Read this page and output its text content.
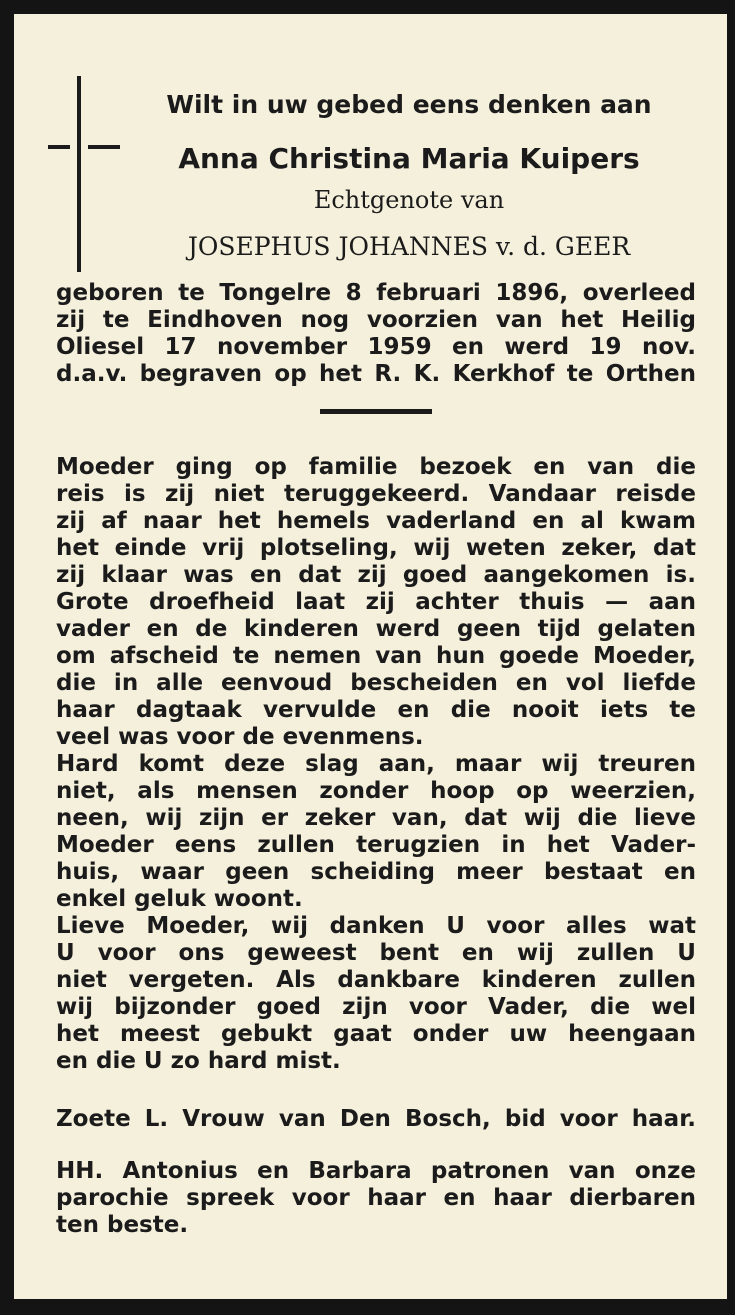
Wilt in uw gebed eens denken aan

Anna Christina Maria Kuipers

Echtgenote van

JOSEPHUS JOHANNES v. d. GEER

geboren te Tongelre 8 februari 1896, overleed
zij te Eindhoven nog voorzien van het Heilig
Oliesel 17 november 1959 en werd 19 nov.
d.a.v. begraven op het R. K. Kerkhof te Orthen
Moeder ging op familie bezoek en van die
reis is zij niet teruggekeerd. Vandaar reisde
zij af naar het hemels vaderland en al kwam
het einde vrij plotseling, wij weten zeker, dat
zij klaar was en dat zij goed aangekomen is.
Grote droefheid laat zij achter thuis — aan
vader en de kinderen werd geen tijd gelaten
om afscheid te nemen van hun goede Moeder,
die in alle eenvoud bescheiden en vol liefde
haar dagtaak vervulde en die nooit iets te
veel was voor de evenmens.
Hard komt deze slag aan, maar wij treuren
niet, als mensen zonder hoop op weerzien,
neen, wij zijn er zeker van, dat wij die lieve
Moeder eens zullen terugzien in het Vader-
huis, waar geen scheiding meer bestaat en
enkel geluk woont.
Lieve Moeder, wij danken U voor alles wat
U voor ons geweest bent en wij zullen U
niet vergeten. Als dankbare kinderen zullen
wij bijzonder goed zijn voor Vader, die wel
het meest gebukt gaat onder uw heengaan
en die U zo hard mist.
Zoete L. Vrouw van Den Bosch, bid voor haar.
HH. Antonius en Barbara patronen van onze
parochie spreek voor haar en haar dierbaren
ten beste.
